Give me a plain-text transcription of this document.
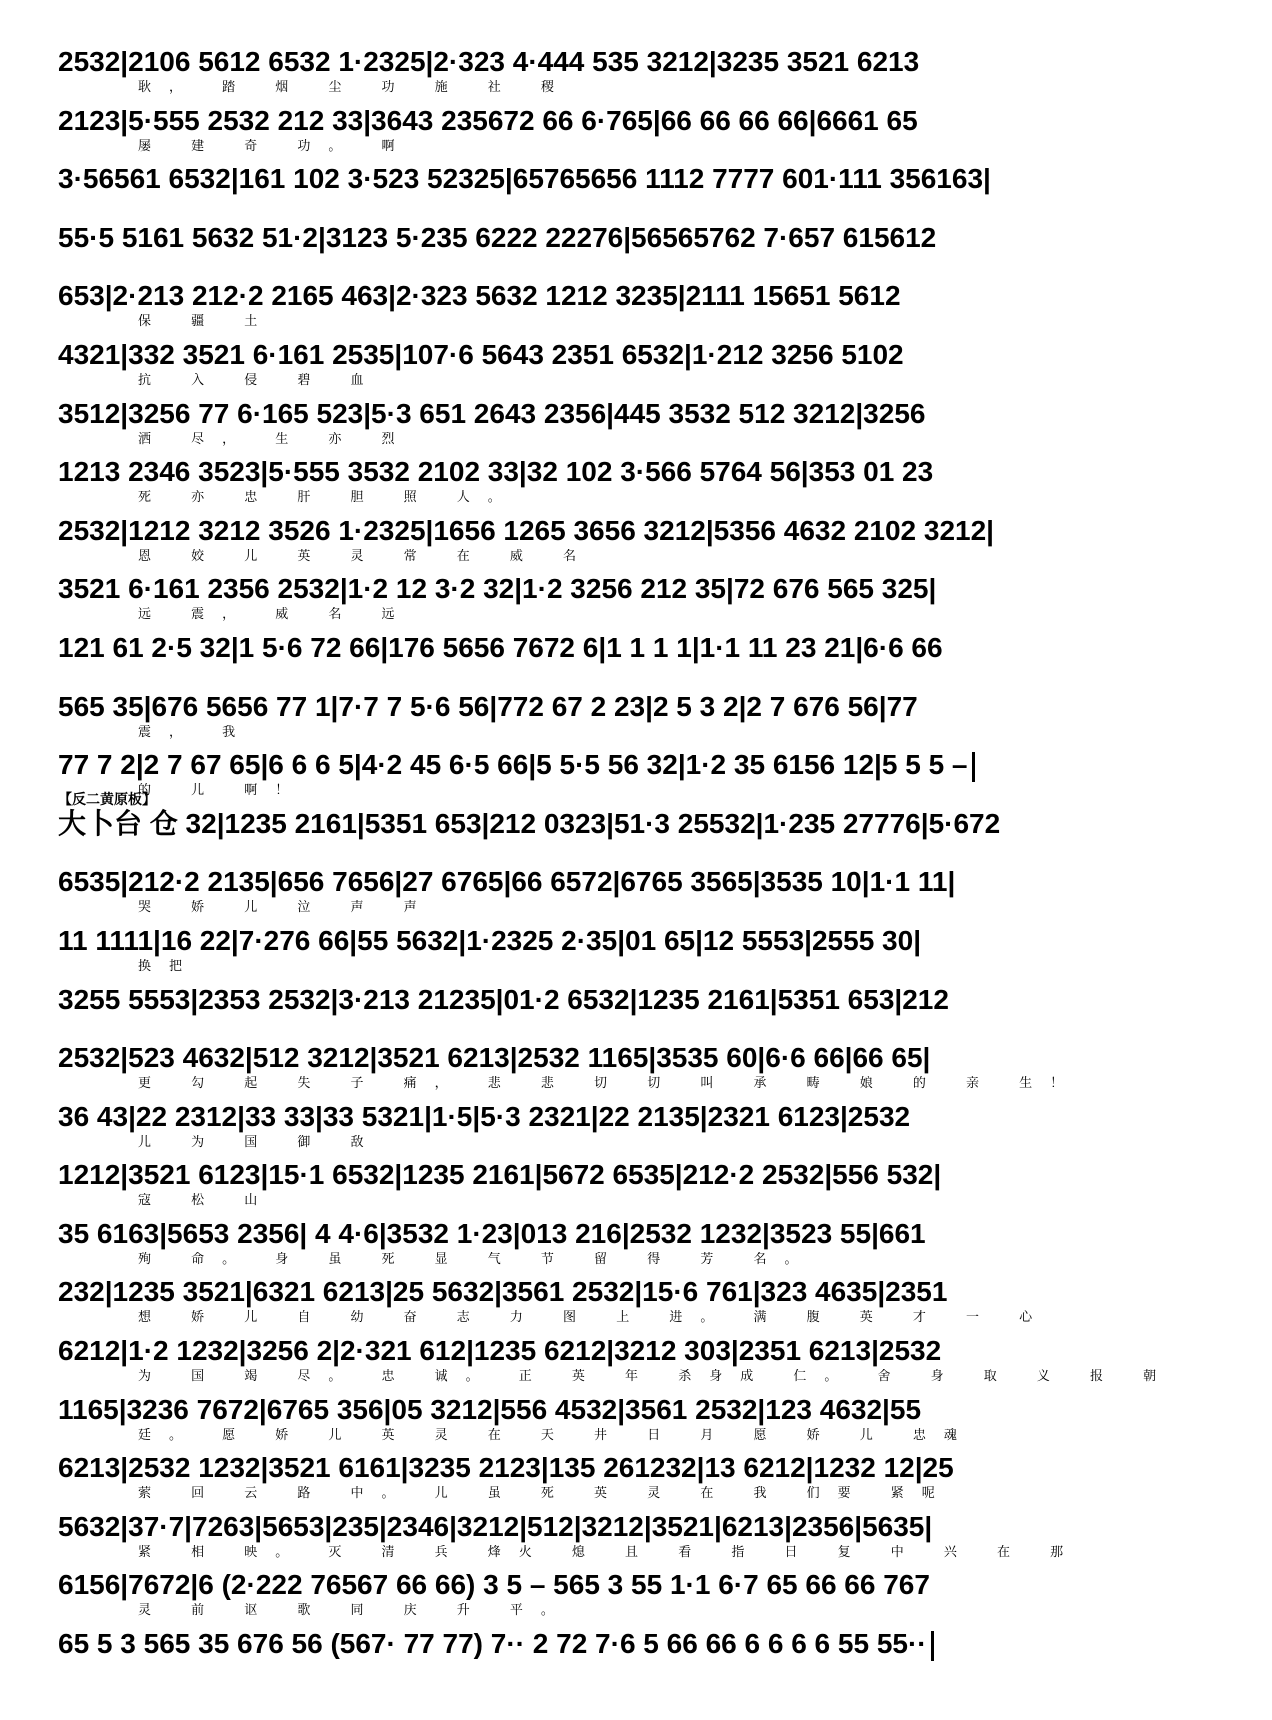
2532|2106 5612 6532 1·2325|2·323 4·444 535 3212|3235 3521 6213
耿， 踏 烟 尘 功 施 社 稷
2123|5·555 2532 212 33|3643 235672 66 6·765|66 66 66 66|6661 65
屡 建 奇 功。 啊
3·56561 6532|161 102 3·523 52325|65765656 1112 7777 601·111 356163|
55·5 5161 5632 51·2|3123 5·235 6222 22276|56565762 7·657 615612
653|2·213 212·2 2165 463|2·323 5632 1212 3235|2111 15651 5612
保 疆 土
4321|332 3521 6·161 2535|107·6 5643 2351 6532|1·212 3256 5102
抗 入 侵 碧 血
3512|3256 77 6·165 523|5·3 651 2643 2356|445 3532 512 3212|3256
洒 尽， 生 亦 烈
1213 2346 3523|5·555 3532 2102 33|32 102 3·566 5764 56|353 01 23
死 亦 忠 肝 胆 照 人。
2532|1212 3212 3526 1·2325|1656 1265 3656 3212|5356 4632 2102 3212|
恩 姣 儿 英 灵 常 在 威 名
3521 6·161 2356 2532|1·2 12 3·2 32|1·2 3256 212 35|72 676 565 325|
远 震， 威 名 远
121 61 2·5 32|1 5·6 72 66|176 5656 7672 6|1 1 1 1|1·1 11 23 21|6·6 66
565 35|676 5656 77 1|7·7 7 5·6 56|772 67 2 23|2 5 3 2|2 7 676 56|77
震， 我
77 7 2|2 7 67 65|6 6 6 5|4·2 45 6·5 66|5 5·5 56 32|1·2 35 6156 12|5 5 5 –
的 儿 啊！
【反二黄原板】
大卜台 仓 32|1235 2161|5351 653|212 0323|51·3 25532|1·235 27776|5·672
6535|212·2 2135|656 7656|27 6765|66 6572|6765 3565|3535 10|1·1 11|
哭 娇 儿 泣 声 声
11 1111|16 22|7·276 66|55 5632|1·2325 2·35|01 65|12 5553|2555 30|
换把
3255 5553|2353 2532|3·213 21235|01·2 6532|1235 2161|5351 653|212
2532|523 4632|512 3212|3521 6213|2532 1165|3535 60|6·6 66|66 65|
更 勾 起 失 子 痛， 悲 悲 切 切 叫 承 畴 娘 的 亲 生！
36 43|22 2312|33 33|33 5321|1·5|5·3 2321|22 2135|2321 6123|2532
儿 为 国 御 敌
1212|3521 6123|15·1 6532|1235 2161|5672 6535|212·2 2532|556 532|
寇 松 山
35 6163|5653 2356| 4 4·6|3532 1·23|013 216|2532 1232|3523 55|661
殉 命。 身 虽 死 显 气 节 留 得 芳 名。
232|1235 3521|6321 6213|25 5632|3561 2532|15·6 761|323 4635|2351
想 娇 儿 自 幼 奋 志 力 图 上 进。 满 腹 英 才 一 心
6212|1·2 1232|3256 2|2·321 612|1235 6212|3212 303|2351 6213|2532
为 国 竭 尽。 忠 诚。 正 英 年 杀身成 仁。 舍 身 取 义 报 朝
1165|3236 7672|6765 356|05 3212|556 4532|3561 2532|123 4632|55
廷。 愿 娇 儿 英 灵 在 天 井 日 月 愿 娇 儿 忠魂
6213|2532 1232|3521 6161|3235 2123|135 261232|13 6212|1232 12|25
萦 回 云 路 中。 儿 虽 死 英 灵 在 我 们要 紧呢
5632|37·7|7263|5653|235|2346|3212|512|3212|3521|6213|2356|5635|
紧 相 映。 灭 清 兵 烽火 熄 且 看 指 日 复 中 兴 在 那
6156|7672|6 (2·222 76567 66 66) 3 5 – 565 3 55 1·1 6·7 65 66 66 767
灵 前 讴 歌 同 庆 升 平。
65 5 3 565 35 676 56 (567· 77 77) 7·· 2 72 7·6 5 66 66 6 6 6 6 55 55··
